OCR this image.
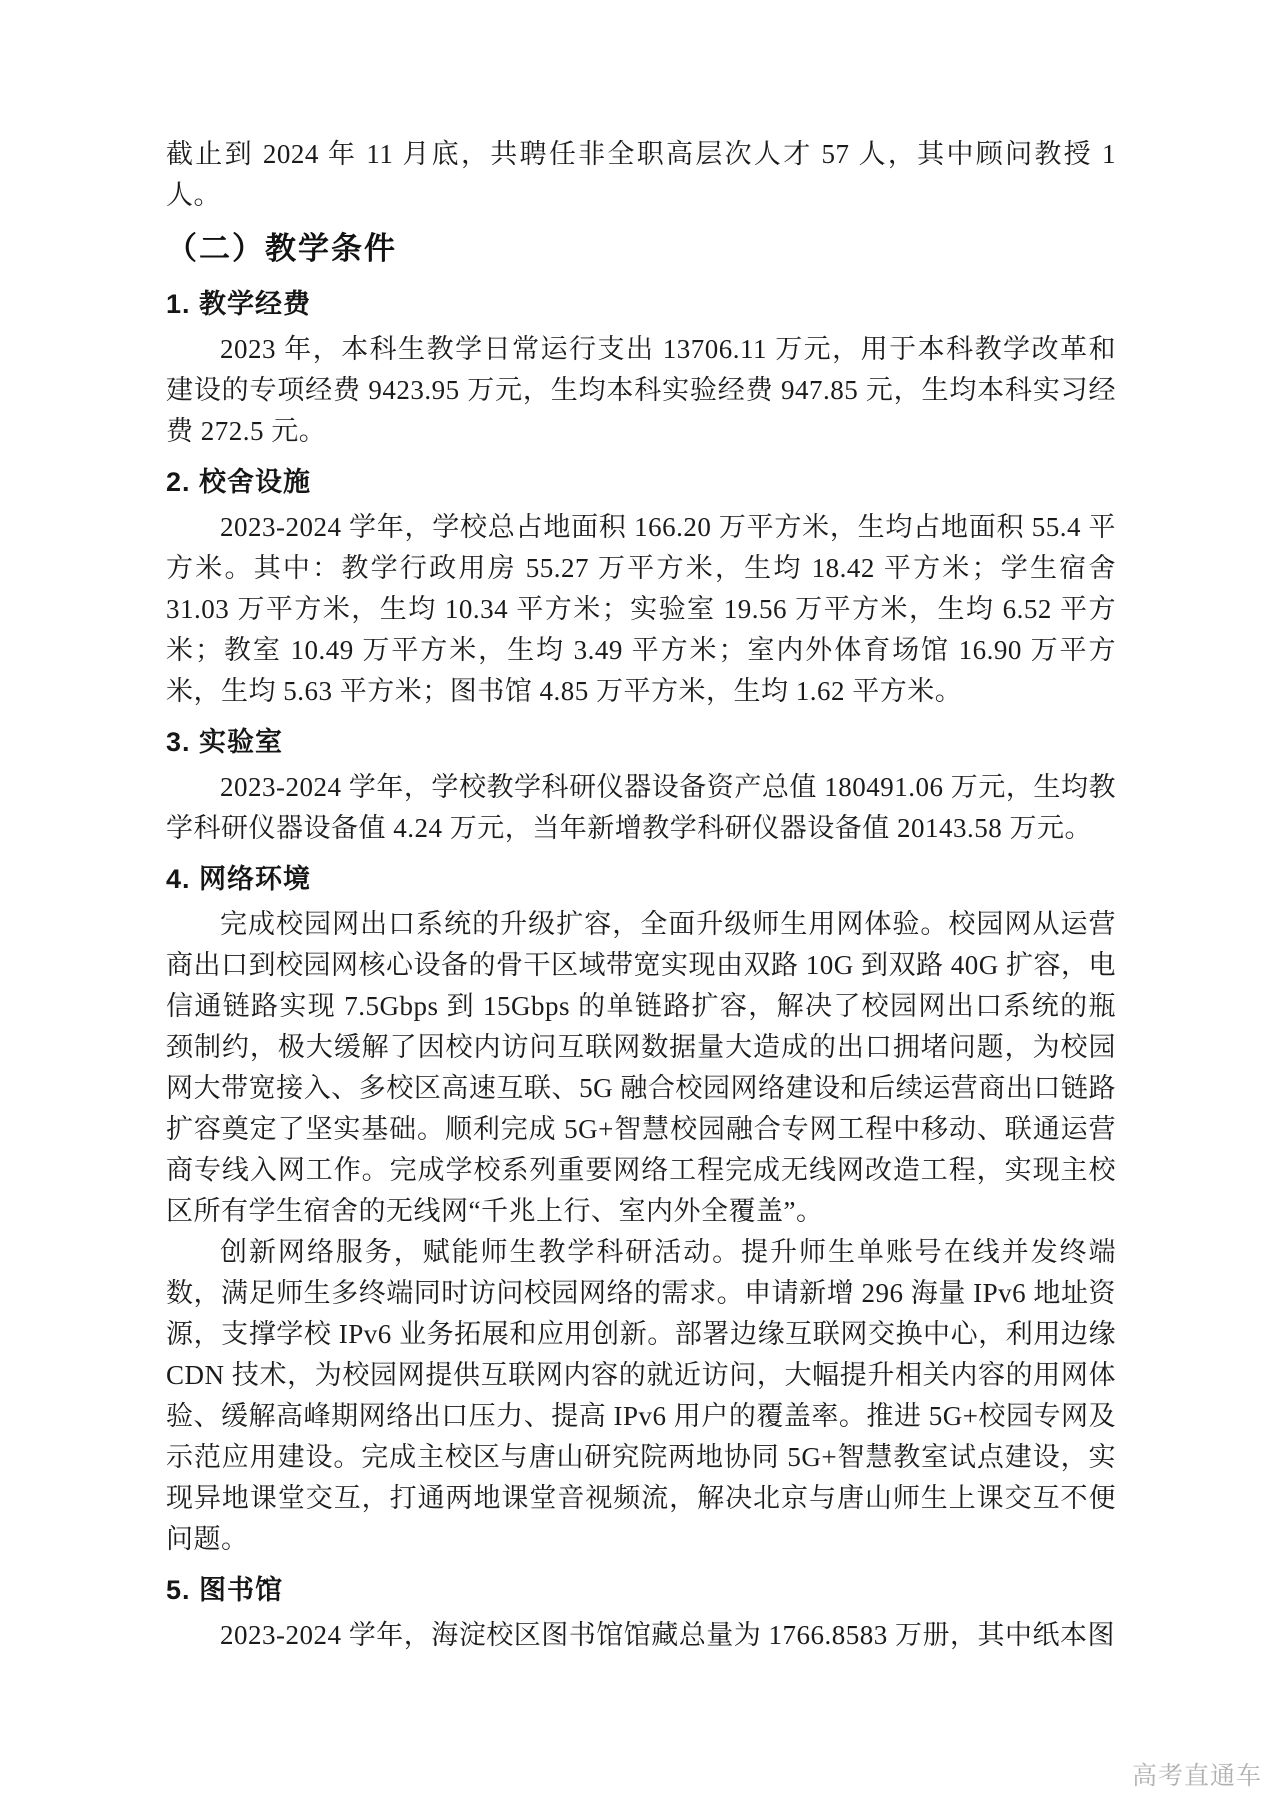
截止到 2024 年 11 月底，共聘任非全职高层次人才 57 人，其中顾问教授 1 人。

（二）教学条件
1. 教学经费

2023 年，本科生教学日常运行支出 13706.11 万元，用于本科教学改革和建设的专项经费 9423.95 万元，生均本科实验经费 947.85 元，生均本科实习经费 272.5 元。

2. 校舍设施

2023-2024 学年，学校总占地面积 166.20 万平方米，生均占地面积 55.4 平方米。其中：教学行政用房 55.27 万平方米，生均 18.42 平方米；学生宿舍 31.03 万平方米，生均 10.34 平方米；实验室 19.56 万平方米，生均 6.52 平方米；教室 10.49 万平方米，生均 3.49 平方米；室内外体育场馆 16.90 万平方米，生均 5.63 平方米；图书馆 4.85 万平方米，生均 1.62 平方米。

3. 实验室

2023-2024 学年，学校教学科研仪器设备资产总值 180491.06 万元，生均教学科研仪器设备值 4.24 万元，当年新增教学科研仪器设备值 20143.58 万元。

4. 网络环境

完成校园网出口系统的升级扩容，全面升级师生用网体验。校园网从运营商出口到校园网核心设备的骨干区域带宽实现由双路 10G 到双路 40G 扩容，电信通链路实现 7.5Gbps 到 15Gbps 的单链路扩容，解决了校园网出口系统的瓶颈制约，极大缓解了因校内访问互联网数据量大造成的出口拥堵问题，为校园网大带宽接入、多校区高速互联、5G 融合校园网络建设和后续运营商出口链路扩容奠定了坚实基础。顺利完成 5G+智慧校园融合专网工程中移动、联通运营商专线入网工作。完成学校系列重要网络工程完成无线网改造工程，实现主校区所有学生宿舍的无线网“千兆上行、室内外全覆盖”。

创新网络服务，赋能师生教学科研活动。提升师生单账号在线并发终端数，满足师生多终端同时访问校园网络的需求。申请新增 296 海量 IPv6 地址资源，支撑学校 IPv6 业务拓展和应用创新。部署边缘互联网交换中心，利用边缘 CDN 技术，为校园网提供互联网内容的就近访问，大幅提升相关内容的用网体验、缓解高峰期网络出口压力、提高 IPv6 用户的覆盖率。推进 5G+校园专网及示范应用建设。完成主校区与唐山研究院两地协同 5G+智慧教室试点建设，实现异地课堂交互，打通两地课堂音视频流，解决北京与唐山师生上课交互不便问题。

5. 图书馆

2023-2024 学年，海淀校区图书馆馆藏总量为 1766.8583 万册，其中纸本图

高考直通车
